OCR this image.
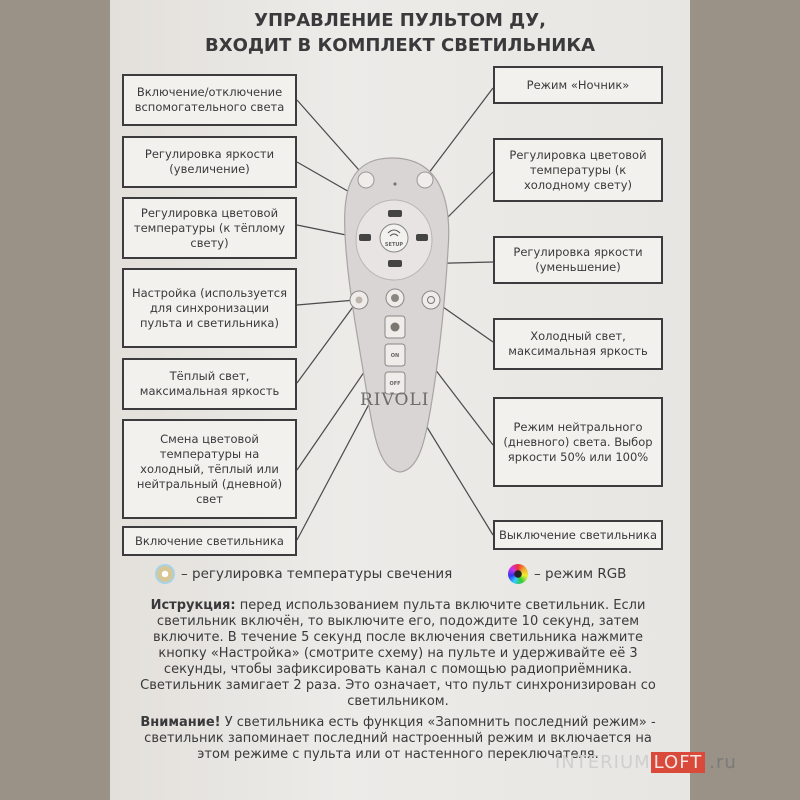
УПРАВЛЕНИЕ ПУЛЬТОМ ДУ,
ВХОДИТ В КОМПЛЕКТ СВЕТИЛЬНИКА
SETUP
ON
OFF
RIVOLI
Включение/отключение вспомогательного света
Регулировка яркости (увеличение)
Регулировка цветовой температуры (к тёплому свету)
Настройка (используется для синхронизации пульта и светильника)
Тёплый свет, максимальная яркость
Смена цветовой температуры на холодный, тёплый или нейтральный (дневной) свет
Включение светильника
Режим «Ночник»
Регулировка цветовой температуры (к холодному свету)
Регулировка яркости (уменьшение)
Холодный свет, максимальная яркость
Режим нейтрального (дневного) света. Выбор яркости 50% или 100%
Выключение светильника
– регулировка температуры свечения	– режим RGB
Иструкция: перед использованием пульта включите светильник. Если светильник включён, то выключите его, подождите 10 секунд, затем включите. В течение 5 секунд после включения светильника нажмите кнопку «Настройка» (смотрите схему) на пульте и удерживайте её 3 секунды, чтобы зафиксировать канал с помощью радиоприёмника. Светильник замигает 2 раза. Это означает, что пульт синхронизирован со светильником.
Внимание! У светильника есть функция «Запомнить последний режим» - светильник запоминает последний настроенный режим и включается на этом режиме с пульта или от настенного переключателя.
INTERIUM LOFT .ru
